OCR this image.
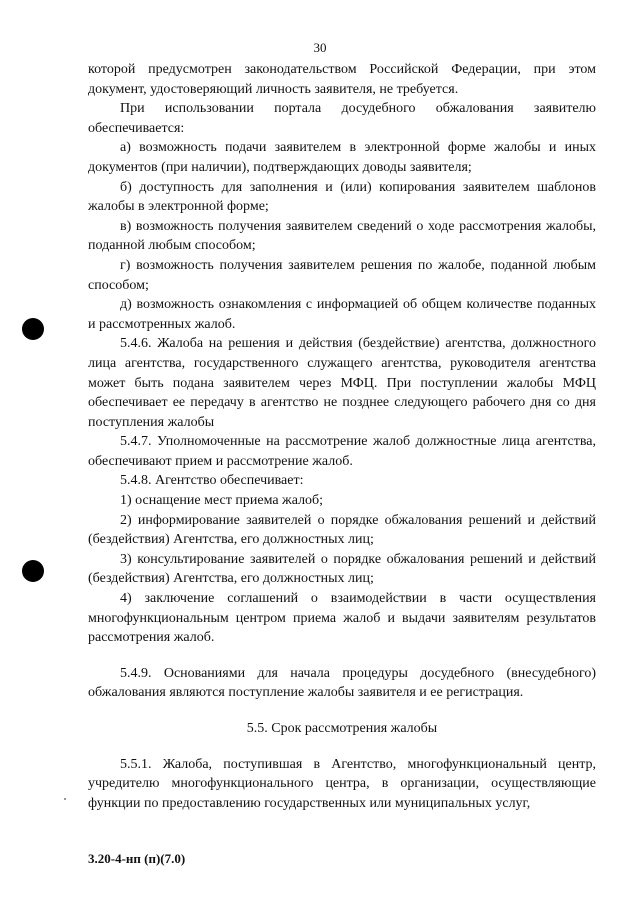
30

которой предусмотрен законодательством Российской Федерации, при этом документ, удостоверяющий личность заявителя, не требуется.

При использовании портала досудебного обжалования заявителю обеспечивается:

а) возможность подачи заявителем в электронной форме жалобы и иных документов (при наличии), подтверждающих доводы заявителя;

б) доступность для заполнения и (или) копирования заявителем шаблонов жалобы в электронной форме;

в) возможность получения заявителем сведений о ходе рассмотрения жалобы, поданной любым способом;

г) возможность получения заявителем решения по жалобе, поданной любым способом;

д) возможность ознакомления с информацией об общем количестве поданных и рассмотренных жалоб.

5.4.6. Жалоба на решения и действия (бездействие) агентства, должностного лица агентства, государственного служащего агентства, руководителя агентства может быть подана заявителем через МФЦ. При поступлении жалобы МФЦ обеспечивает ее передачу в агентство не позднее следующего рабочего дня со дня поступления жалобы

5.4.7. Уполномоченные на рассмотрение жалоб должностные лица агентства, обеспечивают прием и рассмотрение жалоб.

5.4.8. Агентство обеспечивает:

1) оснащение мест приема жалоб;

2) информирование заявителей о порядке обжалования решений и действий (бездействия) Агентства, его должностных лиц;

3) консультирование заявителей о порядке обжалования решений и действий (бездействия) Агентства, его должностных лиц;

4) заключение соглашений о взаимодействии в части осуществления многофункциональным центром приема жалоб и выдачи заявителям результатов рассмотрения жалоб.

5.4.9. Основаниями для начала процедуры досудебного (внесудебного) обжалования являются поступление жалобы заявителя и ее регистрация.

5.5. Срок рассмотрения жалобы

5.5.1. Жалоба, поступившая в Агентство, многофункциональный центр, учредителю многофункционального центра, в организации, осуществляющие функции по предоставлению государственных или муниципальных услуг,

3.20-4-нп (п)(7.0)
